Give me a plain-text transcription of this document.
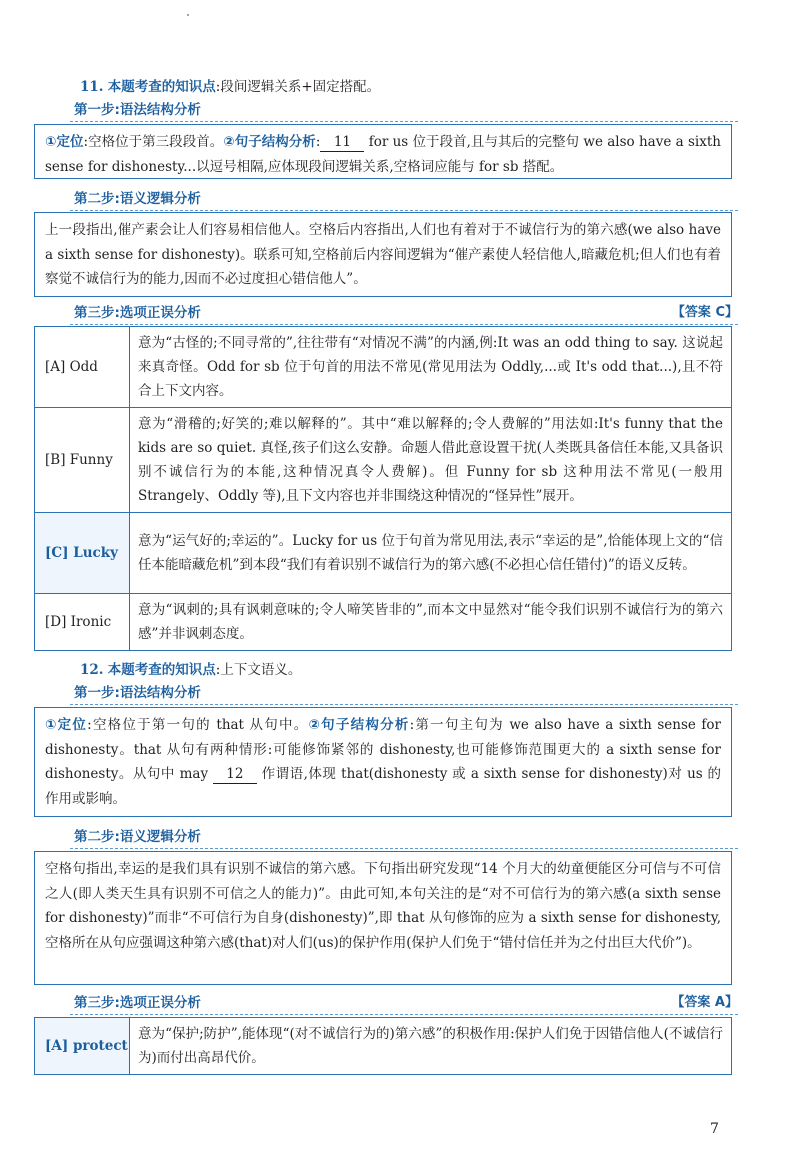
11. 本题考查的知识点:段间逻辑关系+固定搭配。
第一步:语法结构分析
①定位:空格位于第三段段首。②句子结构分析: 11 for us 位于段首,且与其后的完整句 we also have a sixth sense for dishonesty...以逗号相隔,应体现段间逻辑关系,空格词应能与 for sb 搭配。
第二步:语义逻辑分析
上一段指出,催产素会让人们容易相信他人。空格后内容指出,人们也有着对于不诚信行为的第六感(we also have a sixth sense for dishonesty)。联系可知,空格前后内容间逻辑为“催产素使人轻信他人,暗藏危机;但人们也有着察觉不诚信行为的能力,因而不必过度担心错信他人”。
第三步:选项正误分析	【答案 C】
[A] Odd	意为“古怪的;不同寻常的”,往往带有“对情况不满”的内涵,例:It was an odd thing to say. 这说起来真奇怪。Odd for sb 位于句首的用法不常见(常见用法为 Oddly,...或 It's odd that...),且不符合上下文内容。
[B] Funny	意为“滑稽的;好笑的;难以解释的”。其中“难以解释的;令人费解的”用法如:It's funny that the kids are so quiet. 真怪,孩子们这么安静。命题人借此意设置干扰(人类既具备信任本能,又具备识别不诚信行为的本能,这种情况真令人费解)。但 Funny for sb 这种用法不常见(一般用 Strangely、Oddly 等),且下文内容也并非围绕这种情况的“怪异性”展开。
[C] Lucky	意为“运气好的;幸运的”。Lucky for us 位于句首为常见用法,表示“幸运的是”,恰能体现上文的“信任本能暗藏危机”到本段“我们有着识别不诚信行为的第六感(不必担心信任错付)”的语义反转。
[D] Ironic	意为“讽刺的;具有讽刺意味的;令人啼笑皆非的”,而本文中显然对“能令我们识别不诚信行为的第六感”并非讽刺态度。
12. 本题考查的知识点:上下文语义。
第一步:语法结构分析
①定位:空格位于第一句的 that 从句中。②句子结构分析:第一句主句为 we also have a sixth sense for dishonesty。that 从句有两种情形:可能修饰紧邻的 dishonesty,也可能修饰范围更大的 a sixth sense for dishonesty。从句中 may 12 作谓语,体现 that(dishonesty 或 a sixth sense for dishonesty)对 us 的作用或影响。
第二步:语义逻辑分析
空格句指出,幸运的是我们具有识别不诚信的第六感。下句指出研究发现“14 个月大的幼童便能区分可信与不可信之人(即人类天生具有识别不可信之人的能力)”。由此可知,本句关注的是“对不可信行为的第六感(a sixth sense for dishonesty)”而非“不可信行为自身(dishonesty)”,即 that 从句修饰的应为 a sixth sense for dishonesty,空格所在从句应强调这种第六感(that)对人们(us)的保护作用(保护人们免于“错付信任并为之付出巨大代价”)。
第三步:选项正误分析	【答案 A】
[A] protect	意为“保护;防护”,能体现“(对不诚信行为的)第六感”的积极作用:保护人们免于因错信他人(不诚信行为)而付出高昂代价。
7
